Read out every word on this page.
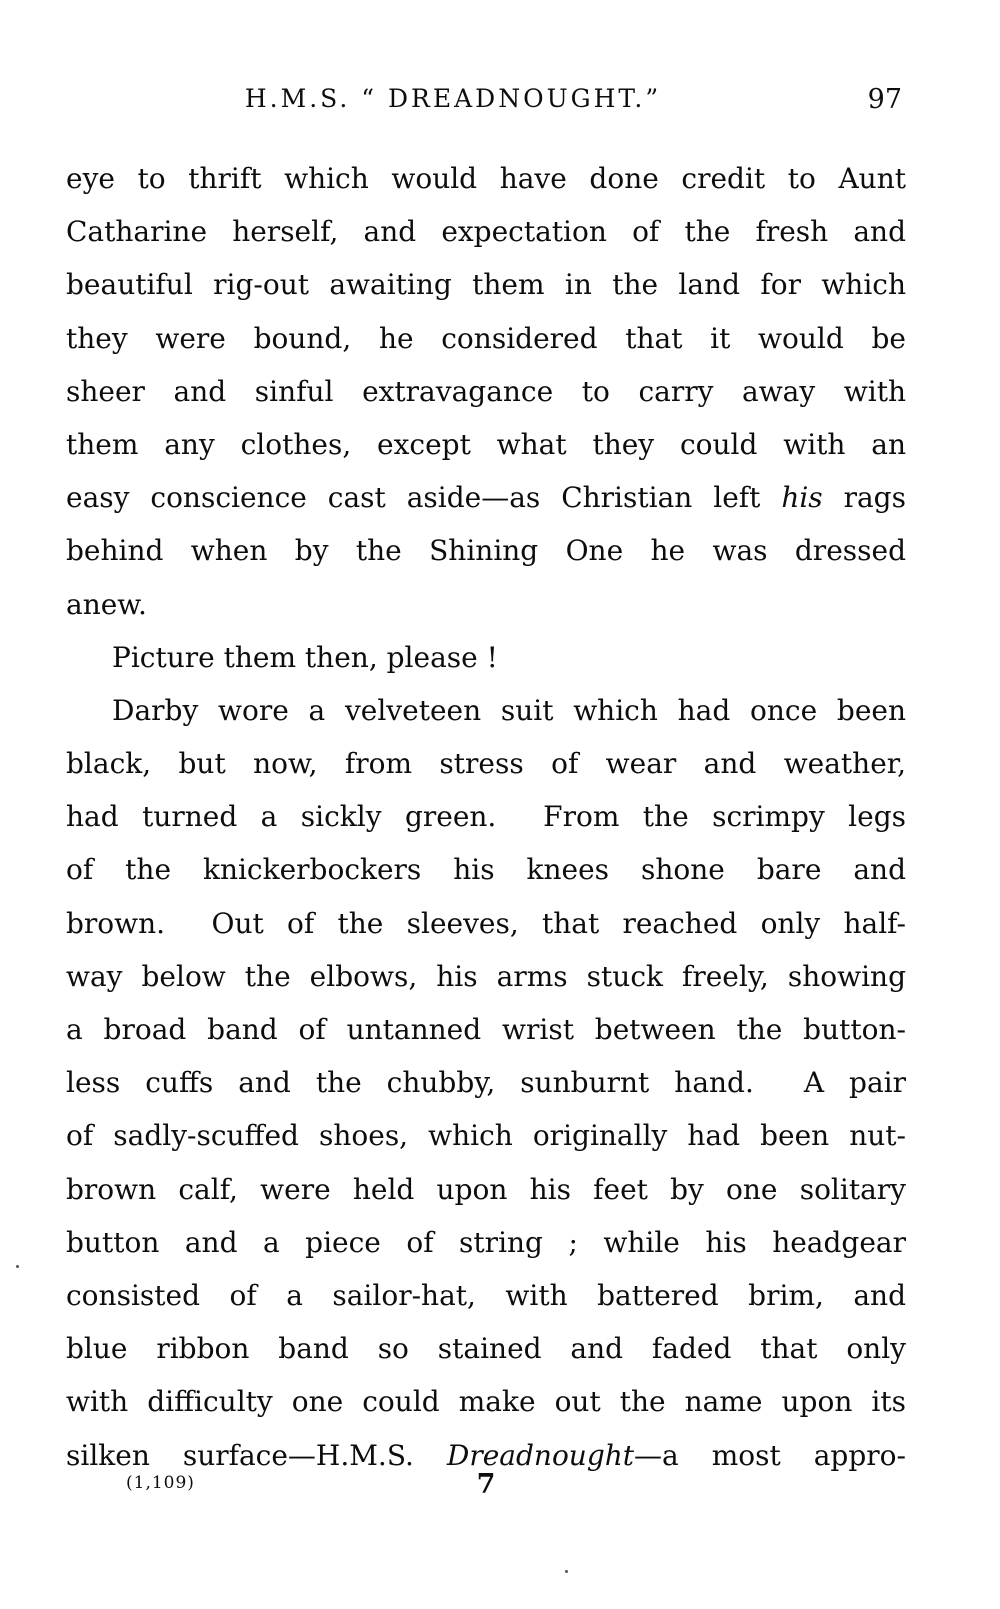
H.M.S. “ DREADNOUGHT.”	97
eye to thrift which would have done credit to Aunt
Catharine herself, and expectation of the fresh and
beautiful rig-out awaiting them in the land for which
they were bound, he considered that it would be
sheer and sinful extravagance to carry away with
them any clothes, except what they could with an
easy conscience cast aside—as Christian left his rags
behind when by the Shining One he was dressed
anew.
Picture them then, please !
Darby wore a velveteen suit which had once been
black, but now, from stress of wear and weather,
had turned a sickly green.  From the scrimpy legs
of the knickerbockers his knees shone bare and
brown.  Out of the sleeves, that reached only half-
way below the elbows, his arms stuck freely, showing
a broad band of untanned wrist between the button-
less cuffs and the chubby, sunburnt hand.  A pair
of sadly-scuffed shoes, which originally had been nut-
brown calf, were held upon his feet by one solitary
button and a piece of string ; while his headgear
consisted of a sailor-hat, with battered brim, and
blue ribbon band so stained and faded that only
with difficulty one could make out the name upon its
silken surface—H.M.S. Dreadnought—a most appro-
(1,109)	7
